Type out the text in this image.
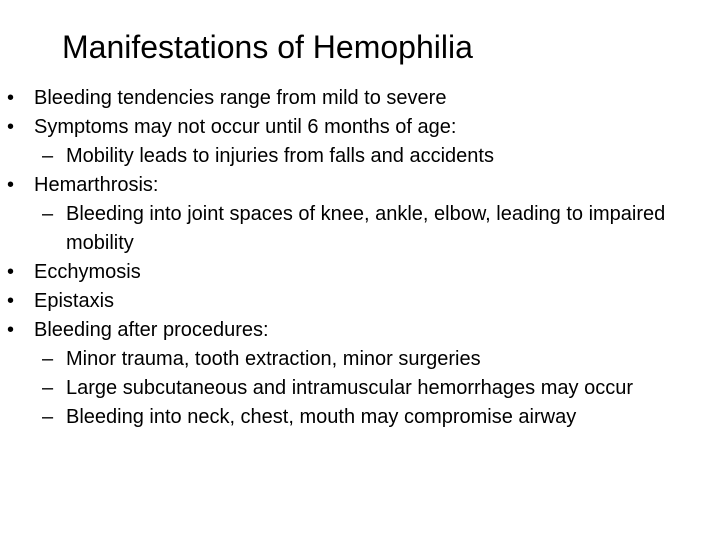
Manifestations of Hemophilia
• Bleeding tendencies range from mild to severe
• Symptoms may not occur until 6 months of age:
– Mobility leads to injuries from falls and accidents
• Hemarthrosis:
– Bleeding into joint spaces of knee, ankle, elbow, leading to impaired mobility
• Ecchymosis
• Epistaxis
• Bleeding after procedures:
– Minor trauma, tooth extraction, minor surgeries
– Large subcutaneous and intramuscular hemorrhages may occur
– Bleeding into neck, chest, mouth may compromise airway
